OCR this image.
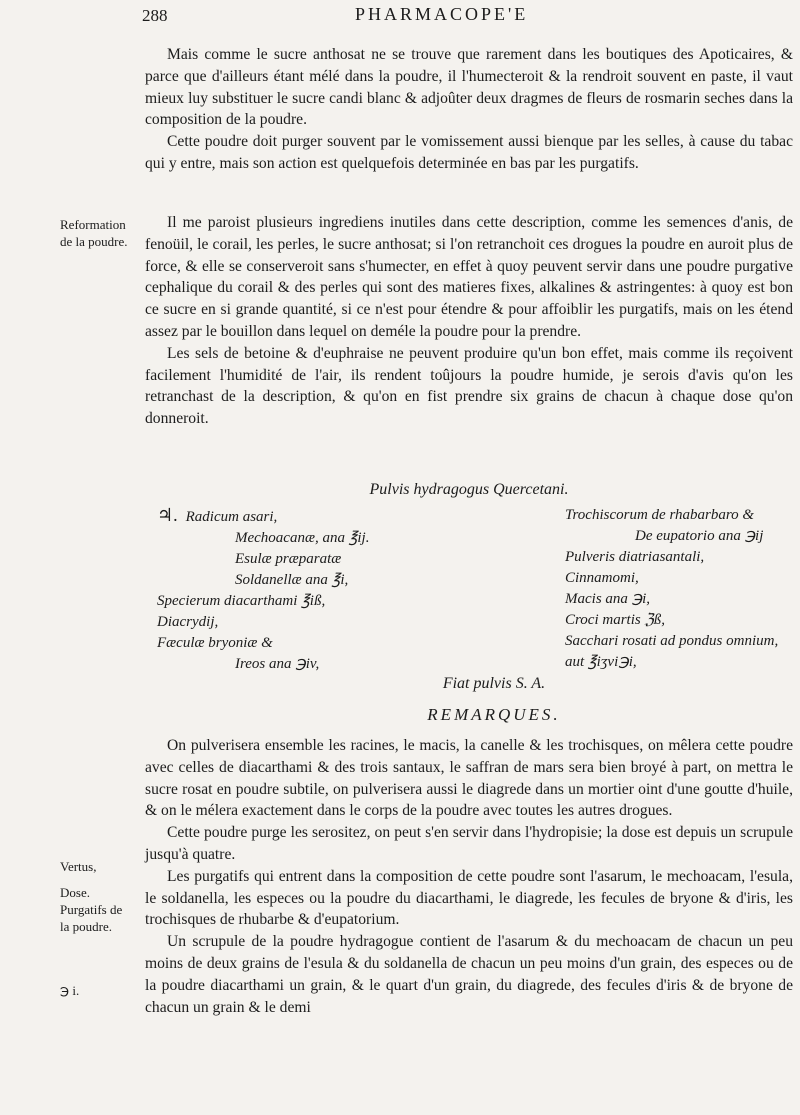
288	PHARMACOPE'E

Mais comme le sucre anthosat ne se trouve que rarement dans les boutiques des Apoticaires, & parce que d'ailleurs étant mélé dans la poudre, il l'humecteroit & la rendroit souvent en paste, il vaut mieux luy substituer le sucre candi blanc & adjoûter deux dragmes de fleurs de rosmarin seches dans la composition de la poudre.

Cette poudre doit purger souvent par le vomissement aussi bienque par les selles, à cause du tabac qui y entre, mais son action est quelquefois determinée en bas par les purgatifs.

Reformation
de la poudre.

Il me paroist plusieurs ingrediens inutiles dans cette description, comme les semences d'anis, de fenoüil, le corail, les perles, le sucre anthosat; si l'on retranchoit ces drogues la poudre en auroit plus de force, & elle se conserveroit sans s'humecter, en effet à quoy peuvent servir dans une poudre purgative cephalique du corail & des perles qui sont des matieres fixes, alkalines & astringentes: à quoy est bon ce sucre en si grande quantité, si ce n'est pour étendre & pour affoiblir les purgatifs, mais on les étend assez par le bouillon dans lequel on deméle la poudre pour la prendre.

Les sels de betoine & d'euphraise ne peuvent produire qu'un bon effet, mais comme ils reçoivent facilement l'humidité de l'air, ils rendent toûjours la poudre humide, je serois d'avis qu'on les retranchast de la description, & qu'on en fist prendre six grains de chacun à chaque dose qu'on donneroit.

Pulvis hydragogus Quercetani.
♃. Radicum asari,
Mechoacanæ, ana ℥ij.
Esulæ præparatæ
Soldanellæ ana ℥i,
Specierum diacarthami ℥iß,
Diacrydij,
Fæculæ bryoniæ &
Ireos ana ℈iv,
Trochiscorum de rhabarbaro &
De eupatorio ana ℈ij
Pulveris diatriasantali,
Cinnamomi,
Macis ana ℈i,
Croci martis ℨß,
Sacchari rosati ad pondus omnium, aut ℥iʒvi℈i,
Fiat pulvis S. A.
REMARQUES.
Vertus,
Dose.
Purgatifs de
la poudre.
℈ i.

On pulverisera ensemble les racines, le macis, la canelle & les trochisques, on mêlera cette poudre avec celles de diacarthami & des trois santaux, le saffran de mars sera bien broyé à part, on mettra le sucre rosat en poudre subtile, on pulverisera aussi le diagrede dans un mortier oint d'une goutte d'huile, & on le mélera exactement dans le corps de la poudre avec toutes les autres drogues.

Cette poudre purge les serositez, on peut s'en servir dans l'hydropisie; la dose est depuis un scrupule jusqu'à quatre.

Les purgatifs qui entrent dans la composition de cette poudre sont l'asarum, le mechoacam, l'esula, le soldanella, les especes ou la poudre du diacarthami, le diagrede, les fecules de bryone & d'iris, les trochisques de rhubarbe & d'eupatorium.

Un scrupule de la poudre hydragogue contient de l'asarum & du mechoacam de chacun un peu moins de deux grains de l'esula & du soldanella de chacun un peu moins d'un grain, des especes ou de la poudre diacarthami un grain, & le quart d'un grain, du diagrede, des fecules d'iris & de bryone de chacun un grain & le demi
